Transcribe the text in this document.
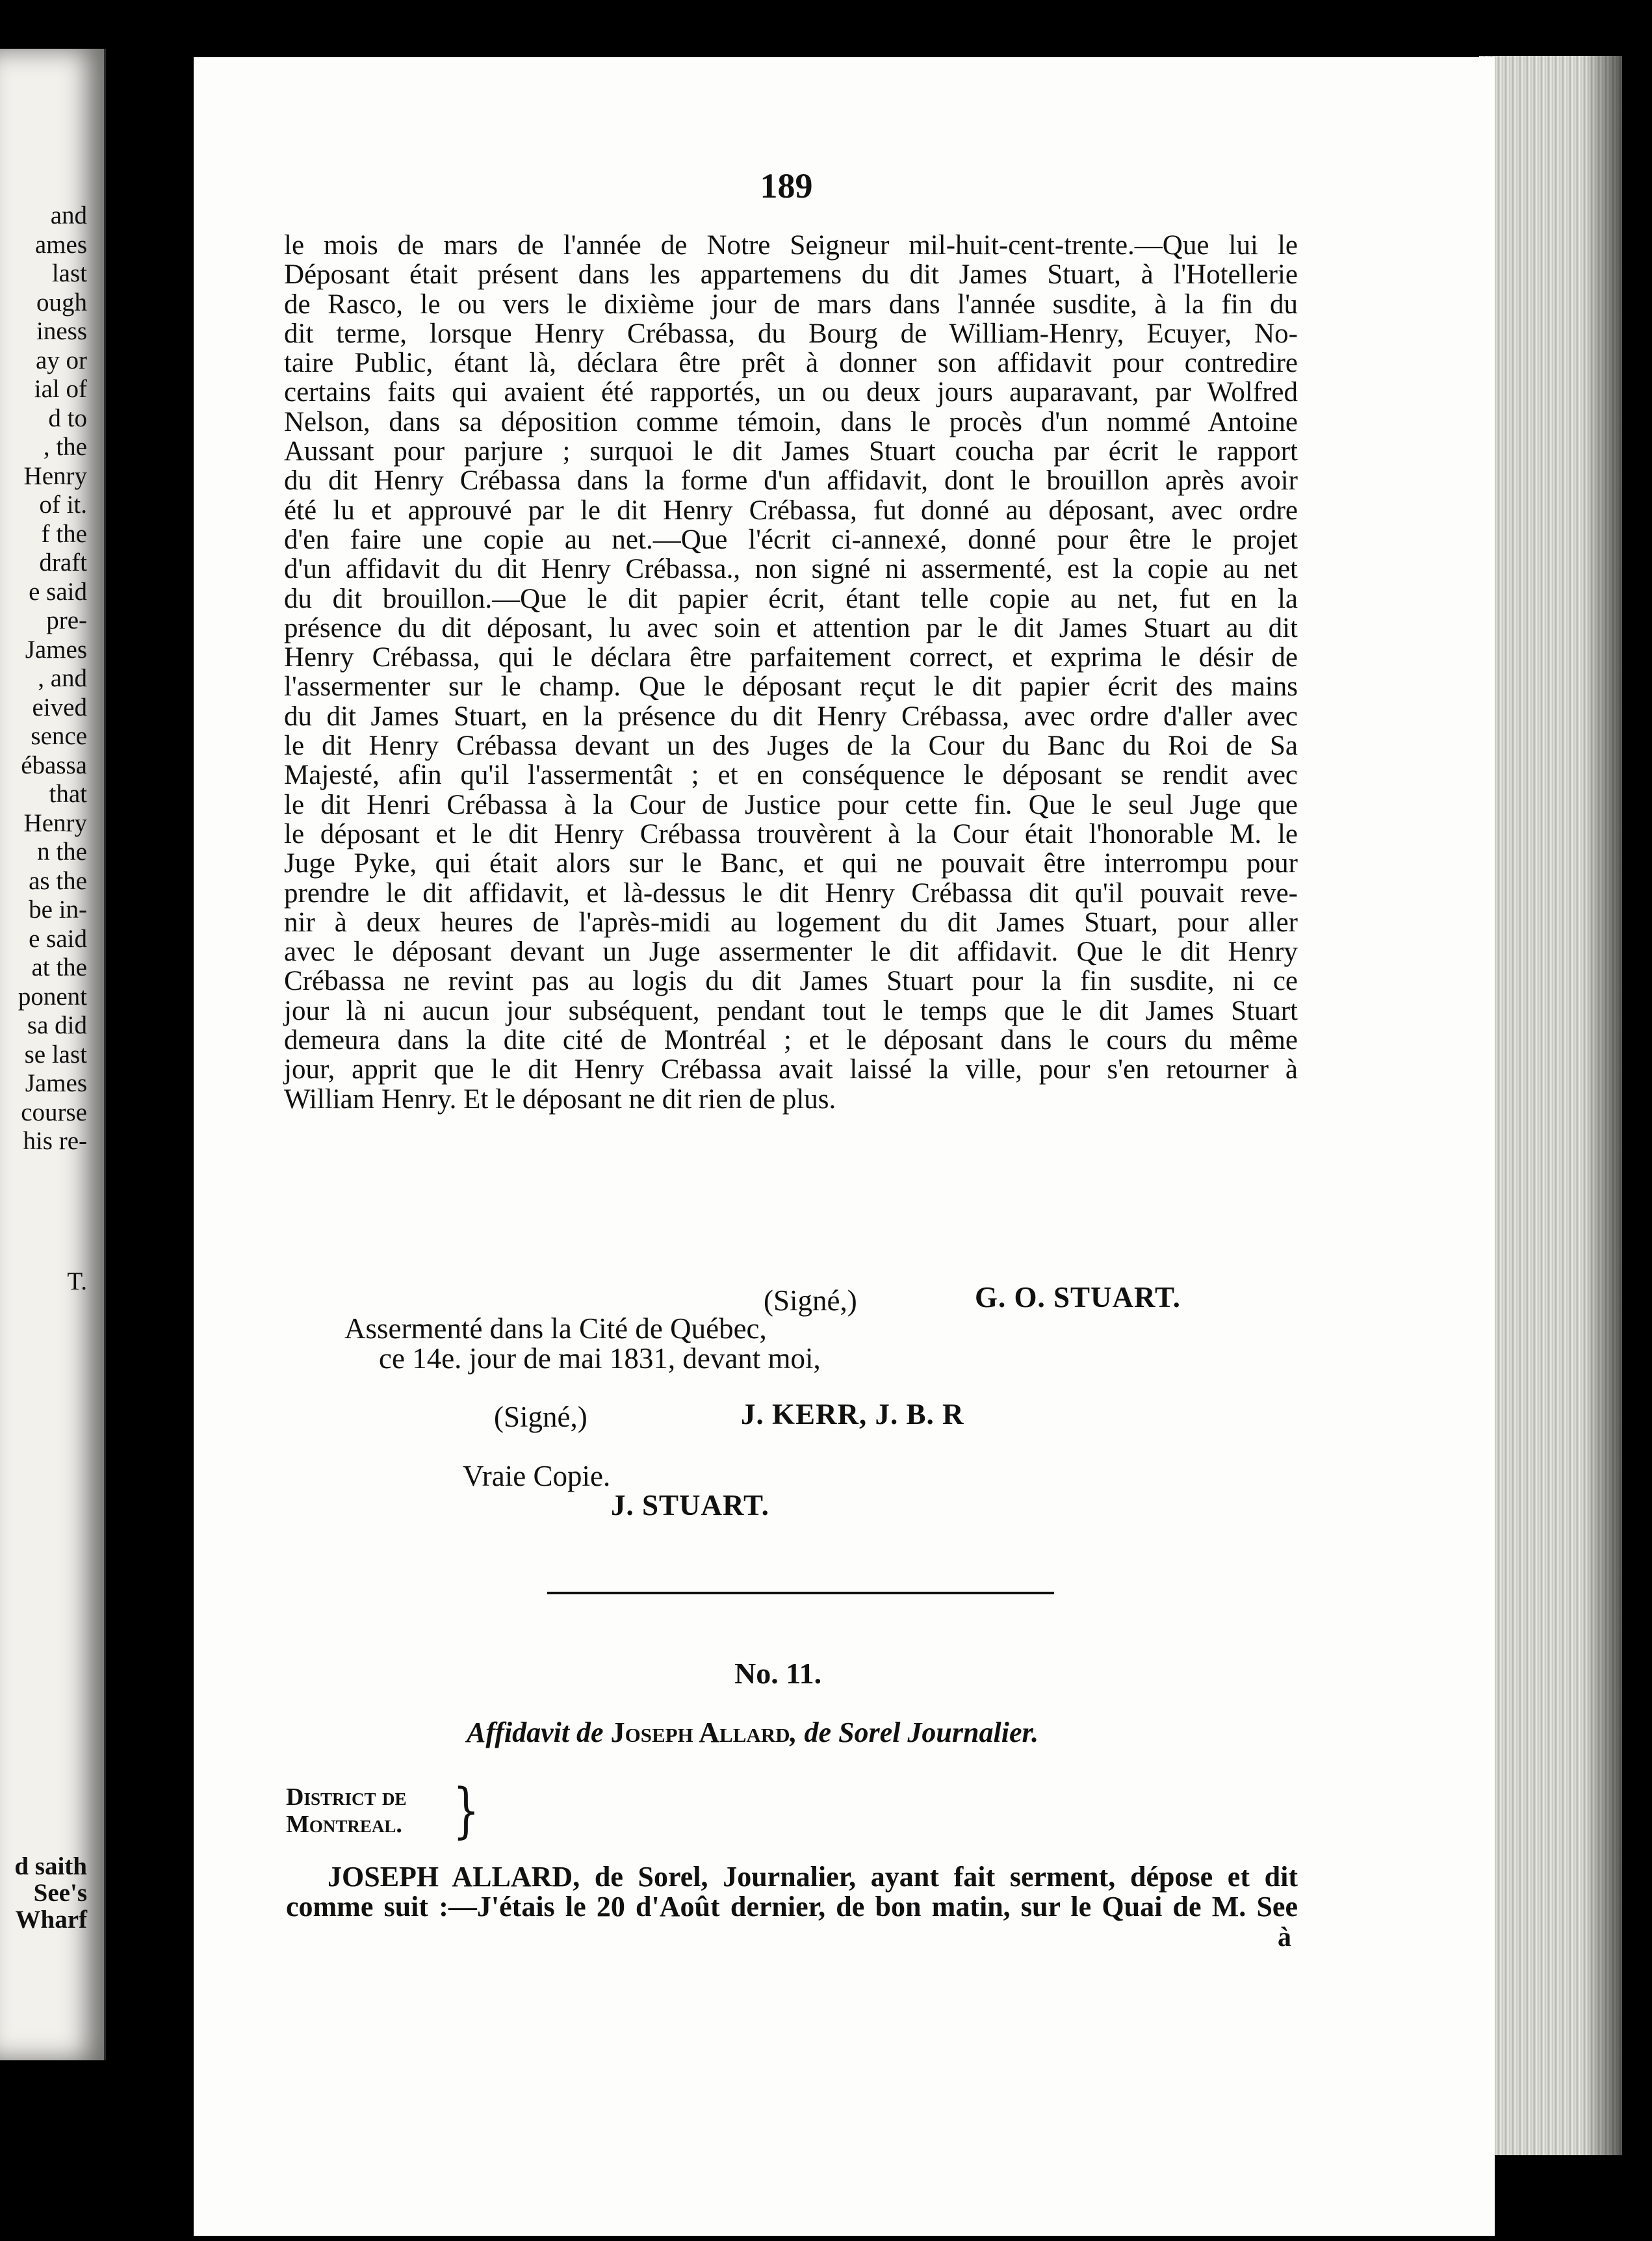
and
ames
last
ough
iness
ay or
ial of
d to
, the
Henry
of it.
f the
draft
e said
pre-
James
, and
eived
sence
ébassa
that
Henry
n the
as the
be in-
e said
at the
ponent
sa did
se last
James
course
his re-
T.
d saith
See's
Wharf
189
le mois de mars de l'année de Notre Seigneur mil-huit-cent-trente.—Que lui le
Déposant était présent dans les appartemens du dit James Stuart, à l'Hotellerie
de Rasco, le ou vers le dixième jour de mars dans l'année susdite, à la fin du
dit terme, lorsque Henry Crébassa, du Bourg de William-Henry, Ecuyer, No-
taire Public, étant là, déclara être prêt à donner son affidavit pour contredire
certains faits qui avaient été rapportés, un ou deux jours auparavant, par Wolfred
Nelson, dans sa déposition comme témoin, dans le procès d'un nommé Antoine
Aussant pour parjure ; surquoi le dit James Stuart coucha par écrit le rapport
du dit Henry Crébassa dans la forme d'un affidavit, dont le brouillon après avoir
été lu et approuvé par le dit Henry Crébassa, fut donné au déposant, avec ordre
d'en faire une copie au net.—Que l'écrit ci-annexé, donné pour être le projet
d'un affidavit du dit Henry Crébassa., non signé ni assermenté, est la copie au net
du dit brouillon.—Que le dit papier écrit, étant telle copie au net, fut en la
présence du dit déposant, lu avec soin et attention par le dit James Stuart au dit
Henry Crébassa, qui le déclara être parfaitement correct, et exprima le désir de
l'assermenter sur le champ. Que le déposant reçut le dit papier écrit des mains
du dit James Stuart, en la présence du dit Henry Crébassa, avec ordre d'aller avec
le dit Henry Crébassa devant un des Juges de la Cour du Banc du Roi de Sa
Majesté, afin qu'il l'assermentât ; et en conséquence le déposant se rendit avec
le dit Henri Crébassa à la Cour de Justice pour cette fin. Que le seul Juge que
le déposant et le dit Henry Crébassa trouvèrent à la Cour était l'honorable M. le
Juge Pyke, qui était alors sur le Banc, et qui ne pouvait être interrompu pour
prendre le dit affidavit, et là-dessus le dit Henry Crébassa dit qu'il pouvait reve-
nir à deux heures de l'après-midi au logement du dit James Stuart, pour aller
avec le déposant devant un Juge assermenter le dit affidavit. Que le dit Henry
Crébassa ne revint pas au logis du dit James Stuart pour la fin susdite, ni ce
jour là ni aucun jour subséquent, pendant tout le temps que le dit James Stuart
demeura dans la dite cité de Montréal ; et le déposant dans le cours du même
jour, apprit que le dit Henry Crébassa avait laissé la ville, pour s'en retourner à
William Henry. Et le déposant ne dit rien de plus.
(Signé,)	G. O. STUART.
Assermenté dans la Cité de Québec,
ce 14e. jour de mai 1831, devant moi,
(Signé,)	J. KERR, J. B. R
Vraie Copie.
J. STUART.
No. 11.
Affidavit de Joseph Allard, de Sorel Journalier.
District de
Montreal. }
JOSEPH ALLARD, de Sorel, Journalier, ayant fait serment, dépose et dit
comme suit :—J'étais le 20 d'Août dernier, de bon matin, sur le Quai de M. See
à
